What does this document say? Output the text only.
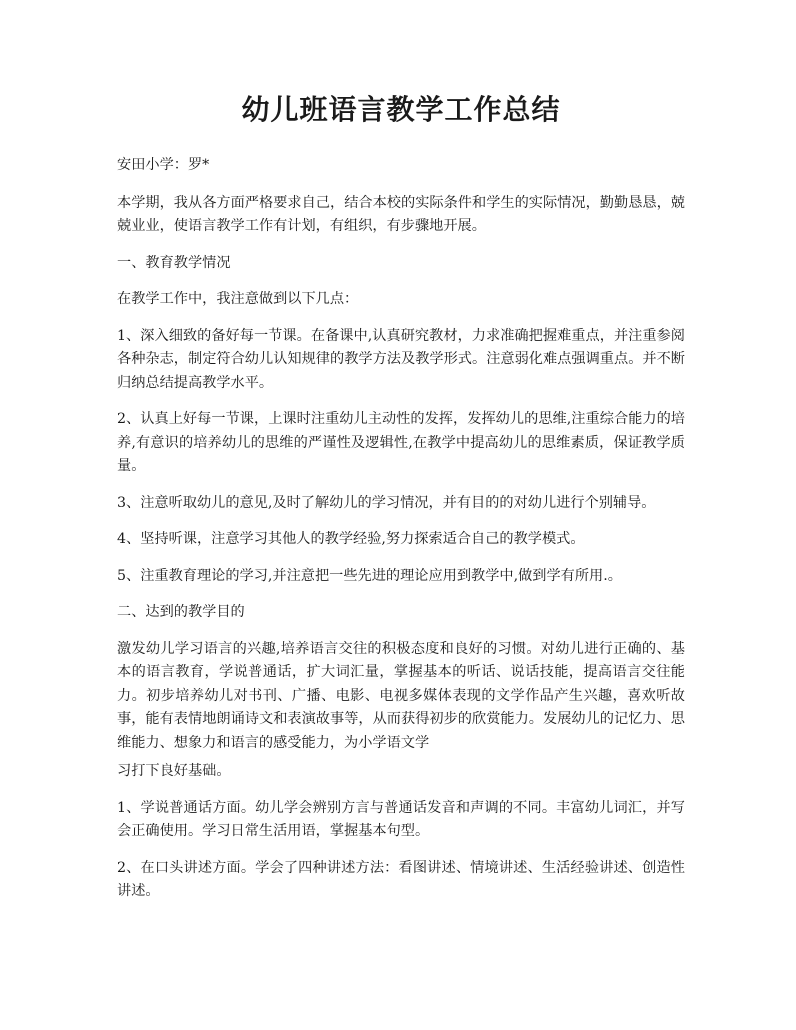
幼儿班语言教学工作总结

安田小学：罗*

本学期，我从各方面严格要求自己，结合本校的实际条件和学生的实际情况，勤勤恳恳，兢兢业业，使语言教学工作有计划，有组织，有步骤地开展。

一、教育教学情况

在教学工作中，我注意做到以下几点：

1、深入细致的备好每一节课。在备课中,认真研究教材，力求准确把握难重点，并注重参阅各种杂志，制定符合幼儿认知规律的教学方法及教学形式。注意弱化难点强调重点。并不断归纳总结提高教学水平。

2、认真上好每一节课，上课时注重幼儿主动性的发挥，发挥幼儿的思维,注重综合能力的培养,有意识的培养幼儿的思维的严谨性及逻辑性,在教学中提高幼儿的思维素质，保证教学质量。

3、注意听取幼儿的意见,及时了解幼儿的学习情况，并有目的的对幼儿进行个别辅导。

4、坚持听课，注意学习其他人的教学经验,努力探索适合自己的教学模式。

5、注重教育理论的学习,并注意把一些先进的理论应用到教学中,做到学有所用.。

二、达到的教学目的

激发幼儿学习语言的兴趣,培养语言交往的积极态度和良好的习惯。对幼儿进行正确的、基本的语言教育，学说普通话，扩大词汇量，掌握基本的听话、说话技能，提高语言交往能力。初步培养幼儿对书刊、广播、电影、电视多媒体表现的文学作品产生兴趣，喜欢听故事，能有表情地朗诵诗文和表演故事等，从而获得初步的欣赏能力。发展幼儿的记忆力、思维能力、想象力和语言的感受能力，为小学语文学

习打下良好基础。

1、学说普通话方面。幼儿学会辨别方言与普通话发音和声调的不同。丰富幼儿词汇，并写会正确使用。学习日常生活用语，掌握基本句型。

2、在口头讲述方面。学会了四种讲述方法：看图讲述、情境讲述、生活经验讲述、创造性讲述。
